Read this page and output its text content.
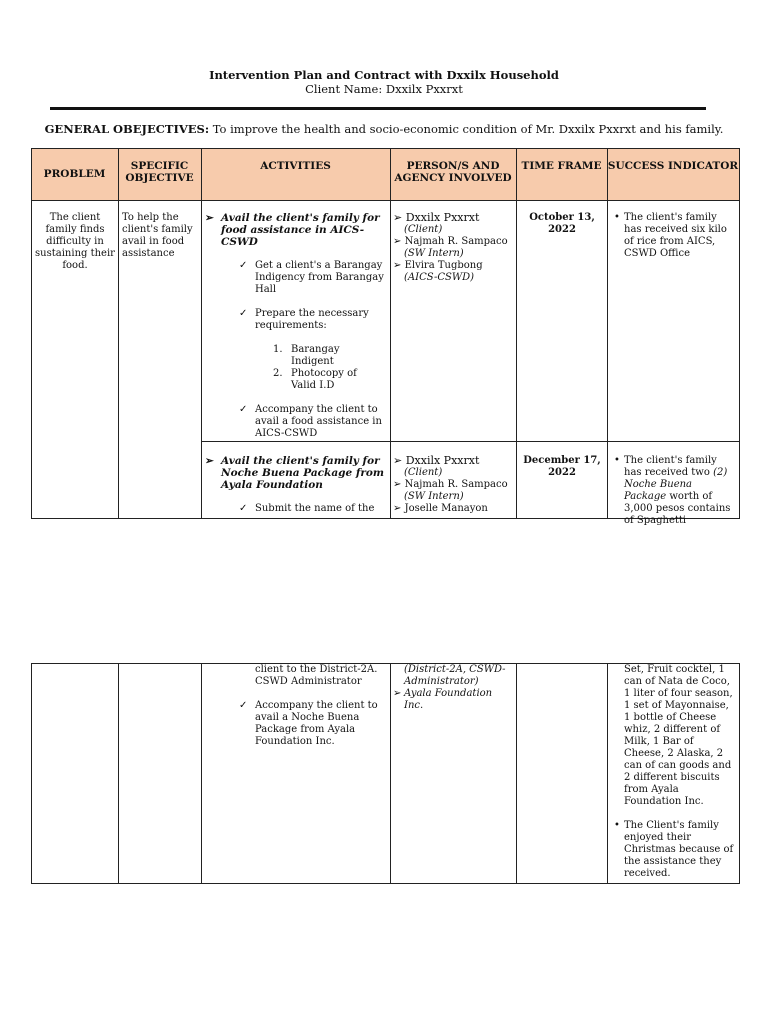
Intervention Plan and Contract with Dxxilx Household
Client Name: Dxxilx Pxxrxt
GENERAL OBEJECTIVES: To improve the health and socio-economic condition of Mr. Dxxilx Pxxrxt and his family.
PROBLEM
SPECIFIC OBJECTIVE
ACTIVITIES	PERSON/S AND AGENCY INVOLVED
TIME FRAME SUCCESS INDICATOR
The client family finds difficulty in sustaining their food.
To help the client's family avail in food assistance
➢ Avail the client's family for food assistance in AICS-CSWD
✓ Get a client's a Barangay Indigency from Barangay Hall
✓ Prepare the necessary requirements:
1. Barangay Indigent
2. Photocopy of Valid I.D
✓ Accompany the client to avail a food assistance in AICS-CSWD
➢ Dxxilx Pxxrxt
(Client)
➢ Najmah R. Sampaco
(SW Intern)
➢ Elvira Tugbong
(AICS-CSWD)
October 13, 2022
• The client's family has received six kilo of rice from AICS, CSWD Office
➢ Avail the client's family for Noche Buena Package from Ayala Foundation
✓ Submit the name of the
➢ Dxxilx Pxxrxt
(Client)
➢ Najmah R. Sampaco
(SW Intern)
➢ Joselle Manayon
December 17, 2022
• The client's family has received two (2) Noche Buena Package worth of 3,000 pesos contains of Spaghetti
client to the District-2A. CSWD Administrator
✓ Accompany the client to avail a Noche Buena Package from Ayala Foundation Inc.
(District-2A, CSWD-Administrator)
➢ Ayala Foundation Inc.
Set, Fruit cocktel, 1 can of Nata de Coco, 1 liter of four season, 1 set of Mayonnaise, 1 bottle of Cheese whiz, 2 different of Milk, 1 Bar of Cheese, 2 Alaska, 2 can of can goods and 2 different biscuits from Ayala Foundation Inc.
• The Client's family enjoyed their Christmas because of the assistance they received.
